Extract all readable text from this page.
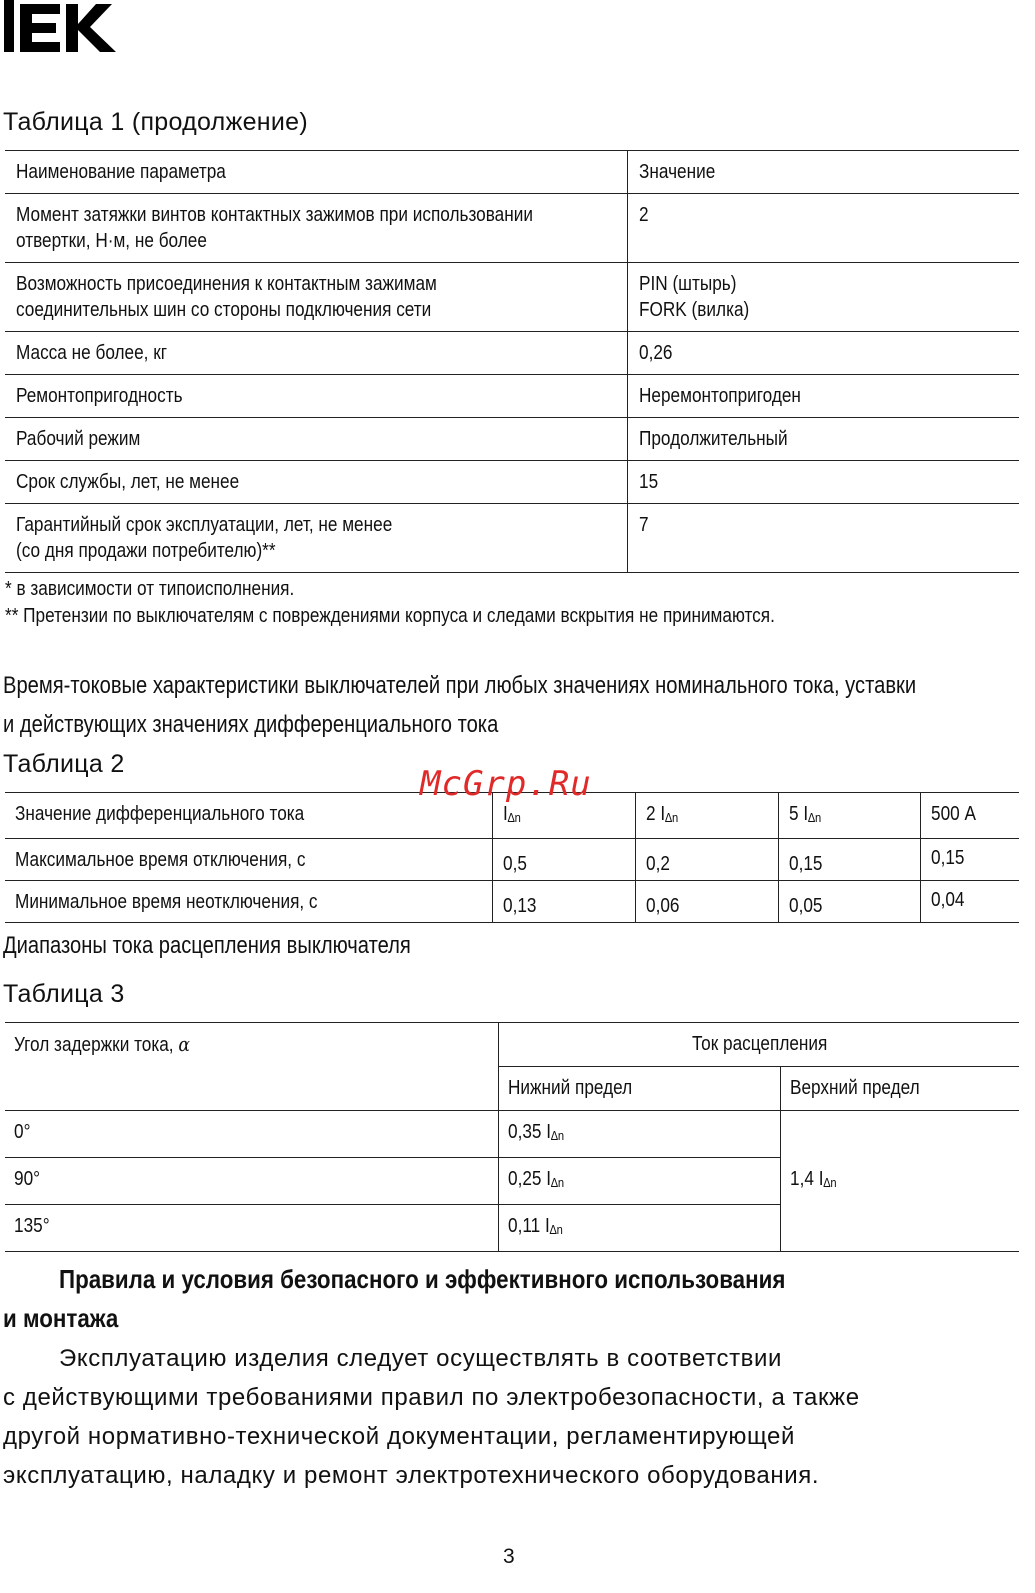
Таблица 1 (продолжение)
Наименование параметра	Значение
Момент затяжки винтов контактных зажимов при использовании
отвертки, Н·м, не более	2
Возможность присоединения к контактным зажимам
соединительных шин со стороны подключения сети	PIN (штырь)
FORK (вилка)
Масса не более, кг	0,26
Ремонтопригодность	Неремонтопригоден
Рабочий режим	Продолжительный
Срок службы, лет, не менее	15
Гарантийный срок эксплуатации, лет, не менее
(со дня продажи потребителю)**	7
* в зависимости от типоисполнения.
** Претензии по выключателям с повреждениями корпуса и следами вскрытия не принимаются.
Время-токовые характеристики выключателей при любых значениях номинального тока, уставки
и действующих значениях дифференциального тока
Таблица 2
Значение дифференциального тока	I∆n	2 I∆n	5 I∆n	500 А
Максимальное время отключения, с	0,5	0,2	0,15	0,15
Минимальное время неотключения, с	0,13	0,06	0,05	0,04
Диапазоны тока расцепления выключателя
Таблица 3
Угол задержки тока, α	Ток расцепления	
	Нижний предел	Верхний предел
0°	0,35 I∆n	1,4 I∆n
90°	0,25 I∆n	
135°	0,11 I∆n	
Правила и условия безопасного и эффективного использования
и монтажа
Эксплуатацию изделия следует осуществлять в соответствии
с действующими требованиями правил по электробезопасности, а также
другой нормативно-технической документации, регламентирующей
эксплуатацию, наладку и ремонт электротехнического оборудования.
McGrp.Ru
3
